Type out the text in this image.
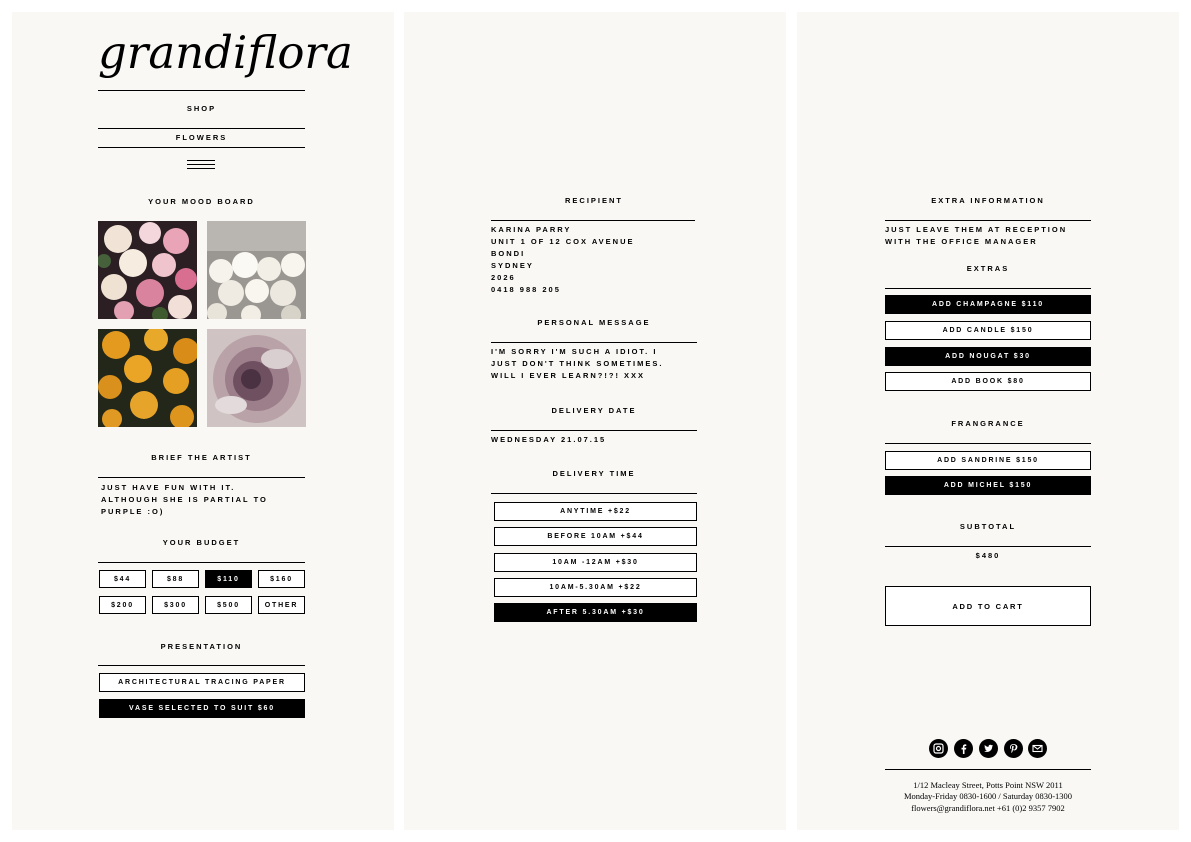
grandiflora
SHOP
FLOWERS
YOUR MOOD BOARD
BRIEF THE ARTIST
JUST HAVE FUN WITH IT.
ALTHOUGH SHE IS PARTIAL TO
PURPLE :O)
YOUR BUDGET
$44	$88	$110	$160
$200	$300	$500	OTHER
PRESENTATION
ARCHITECTURAL TRACING PAPER
VASE SELECTED TO SUIT $60
RECIPIENT
KARINA PARRY
UNIT 1 OF 12 COX AVENUE
BONDI
SYDNEY
2026
0418 988 205
PERSONAL MESSAGE
I'M SORRY I'M SUCH A IDIOT. I
JUST DON'T THINK SOMETIMES.
WILL I EVER LEARN?!?! XXX
DELIVERY DATE
WEDNESDAY 21.07.15
DELIVERY TIME
ANYTIME +$22
BEFORE 10AM +$44
10AM -12AM +$30
10AM-5.30AM +$22
AFTER 5.30AM +$30
EXTRA INFORMATION
JUST LEAVE THEM AT RECEPTION
WITH THE OFFICE MANAGER
EXTRAS
ADD CHAMPAGNE $110
ADD CANDLE $150
ADD NOUGAT $30
ADD BOOK $80
FRANGRANCE
ADD SANDRINE $150
ADD MICHEL $150
SUBTOTAL
$480
ADD TO CART
1/12 Macleay Street, Potts Point NSW 2011
Monday-Friday 0830-1600 / Saturday 0830-1300
flowers@grandiflora.net +61 (0)2 9357 7902
